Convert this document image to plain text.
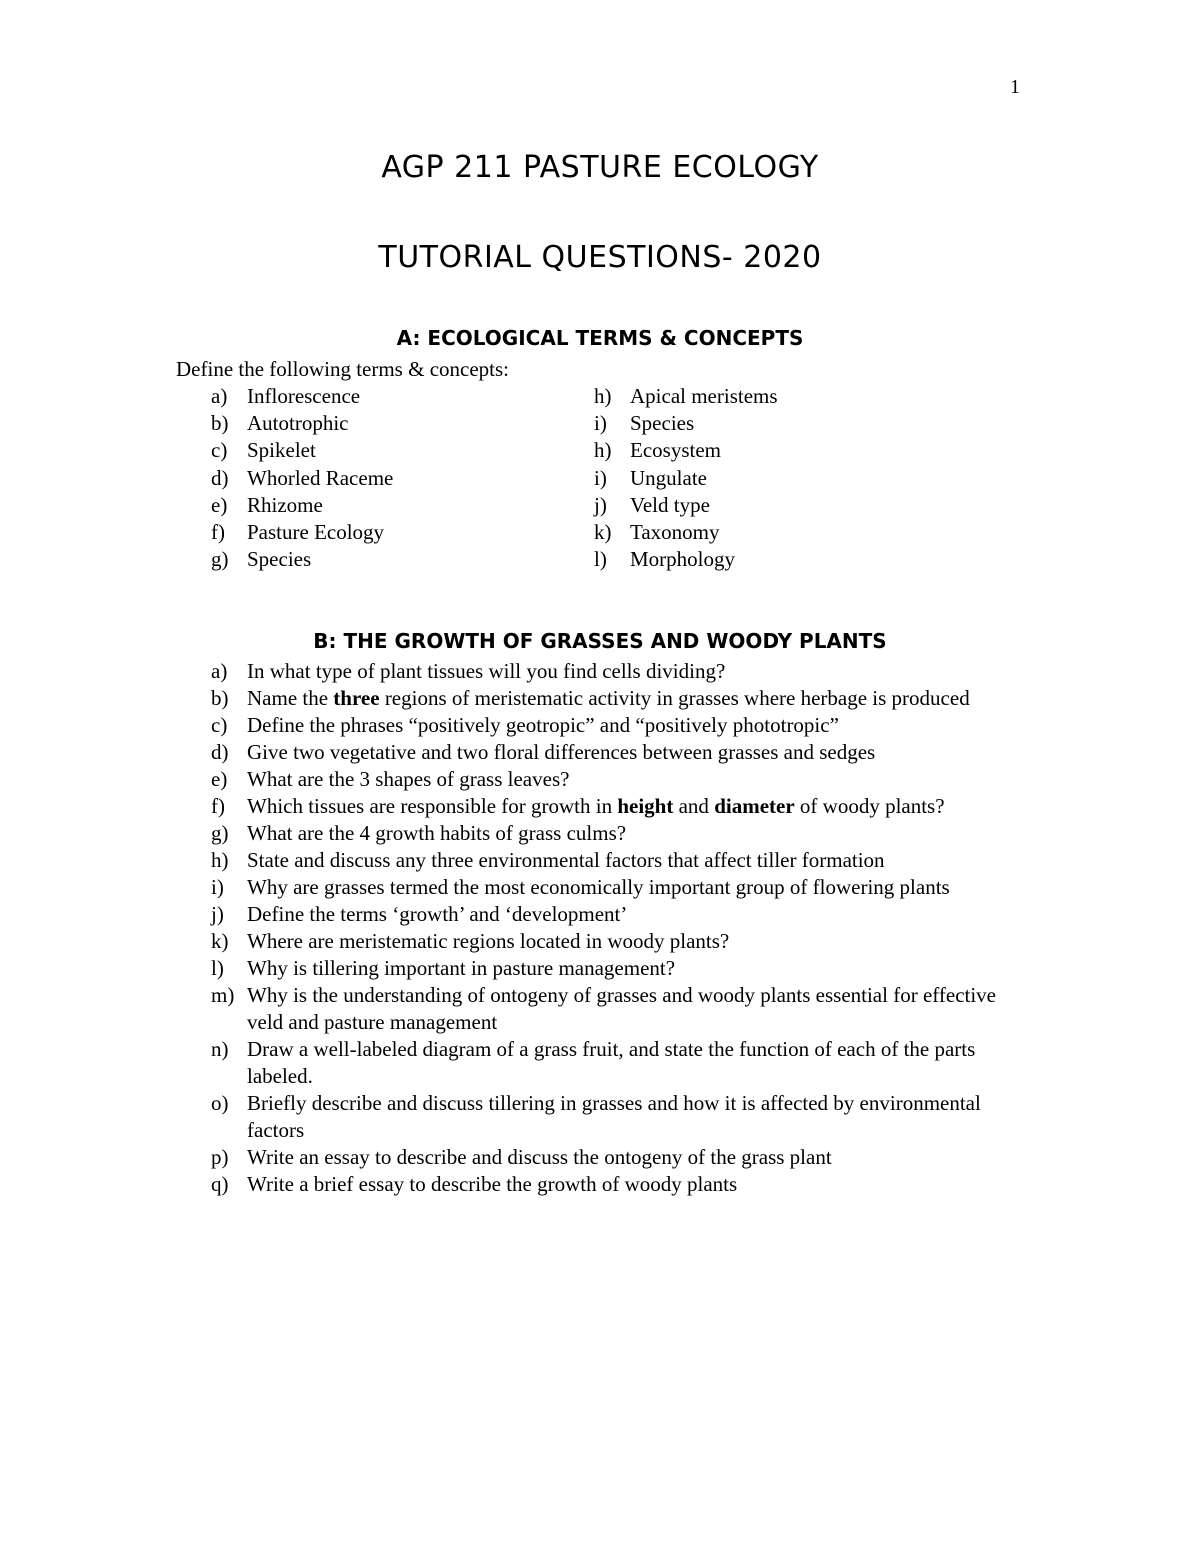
1
AGP 211 PASTURE ECOLOGY
TUTORIAL QUESTIONS- 2020
A: ECOLOGICAL TERMS & CONCEPTS
Define the following terms & concepts:
a) Inflorescence
b) Autotrophic
c) Spikelet
d) Whorled Raceme
e) Rhizome
f) Pasture Ecology
g) Species
h) Apical meristems
i) Species
h) Ecosystem
i) Ungulate
j) Veld type
k) Taxonomy
l) Morphology
B: THE GROWTH OF GRASSES AND WOODY PLANTS
a) In what type of plant tissues will you find cells dividing?
b) Name the three regions of meristematic activity in grasses where herbage is produced
c) Define the phrases “positively geotropic” and “positively phototropic”
d) Give two vegetative and two floral differences between grasses and sedges
e) What are the 3 shapes of grass leaves?
f) Which tissues are responsible for growth in height and diameter of woody plants?
g) What are the 4 growth habits of grass culms?
h) State and discuss any three environmental factors that affect tiller formation
i) Why are grasses termed the most economically important group of flowering plants
j) Define the terms ‘growth’ and ‘development’
k) Where are meristematic regions located in woody plants?
l) Why is tillering important in pasture management?
m) Why is the understanding of ontogeny of grasses and woody plants essential for effective veld and pasture management
n) Draw a well-labeled diagram of a grass fruit, and state the function of each of the parts labeled.
o) Briefly describe and discuss tillering in grasses and how it is affected by environmental factors
p) Write an essay to describe and discuss the ontogeny of the grass plant
q) Write a brief essay to describe the growth of woody plants
